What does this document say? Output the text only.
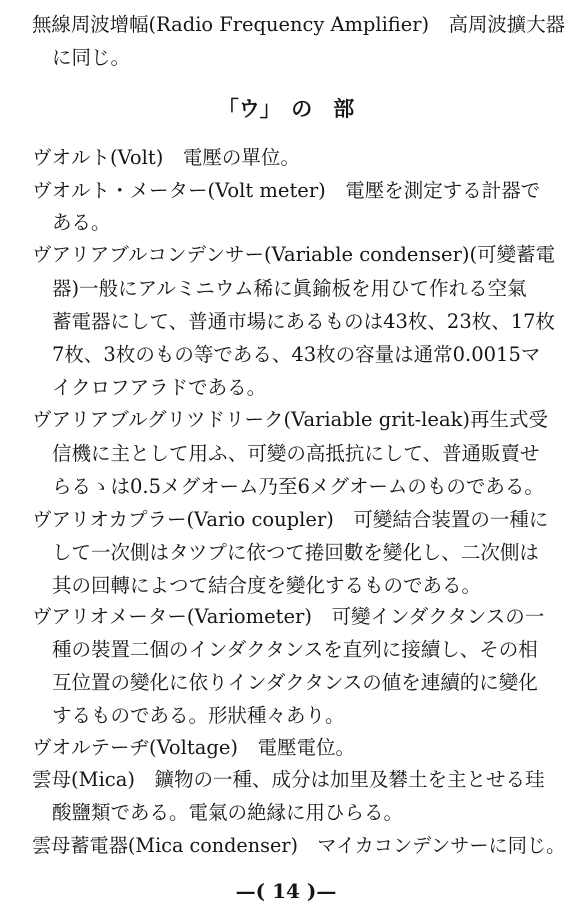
無線周波增幅(Radio Frequency Amplifier)　高周波擴大器
に同じ。
「ウ」　の　部
ヴオルト(Volt)　電壓の單位。
ヴオルト・メーター(Volt meter)　電壓を測定する計器で
ある。
ヴアリアブルコンデンサー(Variable condenser)(可變蓄電
器)一般にアルミニウム稀に眞鍮板を用ひて作れる空氣
蓄電器にして、普通市場にあるものは43枚、23枚、17枚
7枚、3枚のもの等である、43枚の容量は通常0.0015マ
イクロフアラドである。
ヴアリアブルグリツドリーク(Variable grit-leak)再生式受
信機に主として用ふ、可變の高抵抗にして、普通販賣せ
らるゝは0.5メグオーム乃至6メグオームのものである。
ヴアリオカプラー(Vario coupler)　可變結合装置の一種に
して一次側はタツプに依つて捲回數を變化し、二次側は
其の回轉によつて結合度を變化するものである。
ヴアリオメーター(Variometer)　可變インダクタンスの一
種の裝置二個のインダクタンスを直列に接續し、その相
互位置の變化に依りインダクタンスの値を連續的に變化
するものである。形狀種々あり。
ヴオルテーヂ(Voltage)　電壓電位。
雲母(Mica)　鑛物の一種、成分は加里及礬土を主とせる珪
酸鹽類である。電氣の絶縁に用ひらる。
雲母蓄電器(Mica condenser)　マイカコンデンサーに同じ。
—( 14 )—
